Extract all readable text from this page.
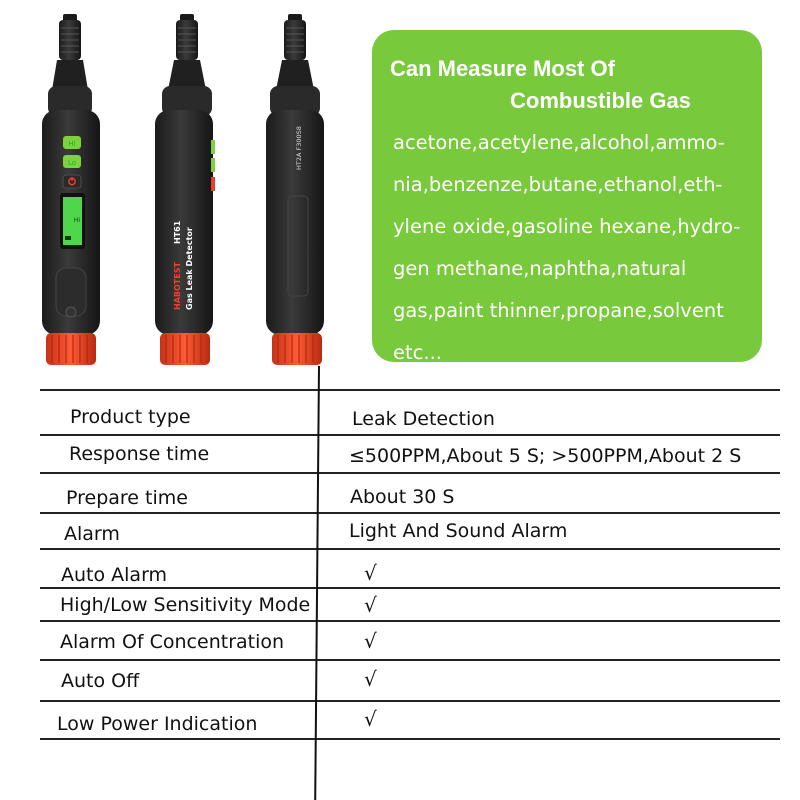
Hi
Lo
Hi
HABOTEST
HT61 Gas Leak Detector
HT2A F300S8
Can Measure Most Of
Combustible Gas
acetone,acetylene,alcohol,ammo-
nia,benzenze,butane,ethanol,eth-
ylene oxide,gasoline hexane,hydro-
gen methane,naphtha,natural
gas,paint thinner,propane,solvent
etc...
Product type	Leak Detection
Response time	≤500PPM,About 5 S; >500PPM,About 2 S
Prepare time	About 30 S
Alarm	Light And Sound Alarm
Auto Alarm	√
High/Low Sensitivity Mode	√
Alarm Of Concentration	√
Auto Off	√
Low Power Indication	√
